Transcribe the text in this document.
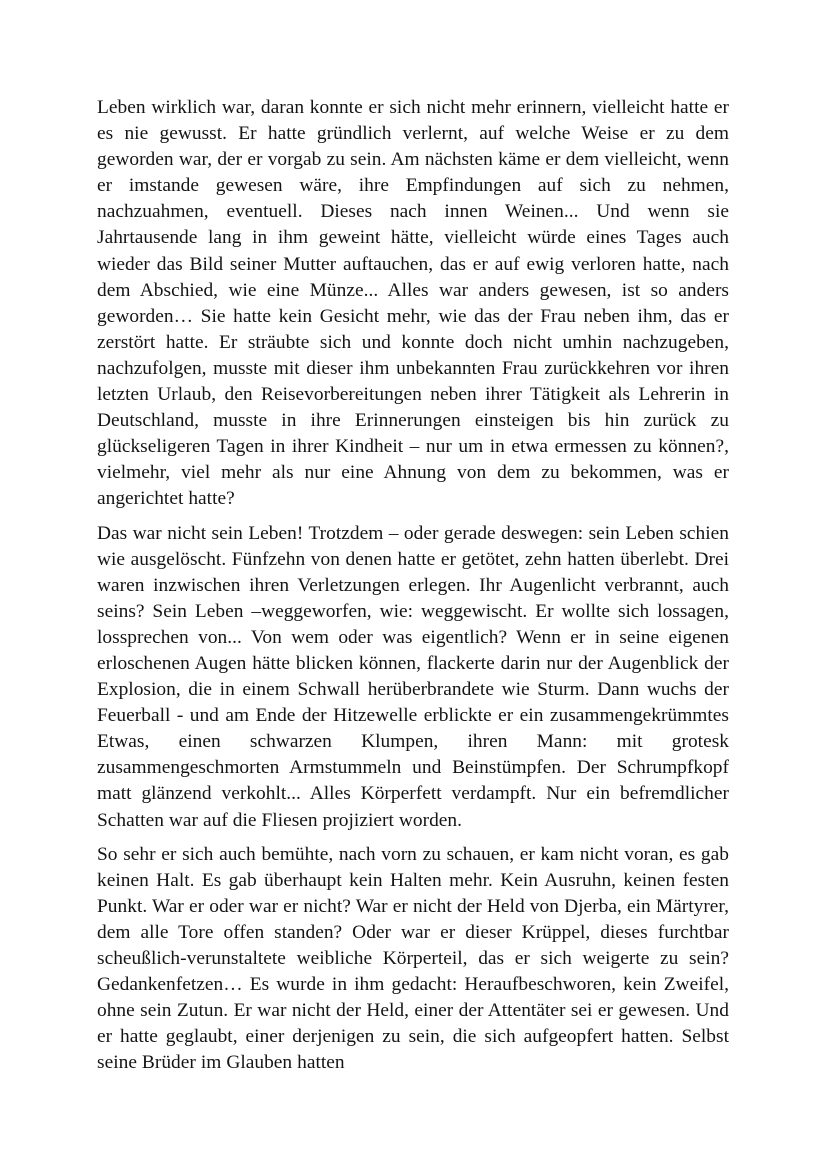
Leben wirklich war, daran konnte er sich nicht mehr erinnern, vielleicht hatte er es nie gewusst. Er hatte gründlich verlernt, auf welche Weise er zu dem geworden war, der er vorgab zu sein. Am nächsten käme er dem vielleicht, wenn er imstande gewesen wäre, ihre Empfindungen auf sich zu nehmen, nachzuahmen, eventuell. Dieses nach innen Weinen... Und wenn sie Jahrtausende lang in ihm geweint hätte, vielleicht würde eines Tages auch wieder das Bild seiner Mutter auftauchen, das er auf ewig verloren hatte, nach dem Abschied, wie eine Münze... Alles war anders gewesen, ist so anders geworden… Sie hatte kein Gesicht mehr, wie das der Frau neben ihm, das er zerstört hatte. Er sträubte sich und konnte doch nicht umhin nachzugeben, nachzufolgen, musste mit dieser ihm unbekannten Frau zurückkehren vor ihren letzten Urlaub, den Reisevorbereitungen neben ihrer Tätigkeit als Lehrerin in Deutschland, musste in ihre Erinnerungen einsteigen bis hin zurück zu glückseligeren Tagen in ihrer Kindheit – nur um in etwa ermessen zu können?, vielmehr, viel mehr als nur eine Ahnung von dem zu bekommen, was er angerichtet hatte?

Das war nicht sein Leben! Trotzdem – oder gerade deswegen: sein Leben schien wie ausgelöscht. Fünfzehn von denen hatte er getötet, zehn hatten überlebt. Drei waren inzwischen ihren Verletzungen erlegen. Ihr Augenlicht verbrannt, auch seins? Sein Leben –weggeworfen, wie: weggewischt. Er wollte sich lossagen, lossprechen von... Von wem oder was eigentlich? Wenn er in seine eigenen erloschenen Augen hätte blicken können, flackerte darin nur der Augenblick der Explosion, die in einem Schwall herüberbrandete wie Sturm. Dann wuchs der Feuerball - und am Ende der Hitzewelle erblickte er ein zusammengekrümmtes Etwas, einen schwarzen Klumpen, ihren Mann: mit grotesk zusammengeschmorten Armstummeln und Beinstümpfen. Der Schrumpfkopf matt glänzend verkohlt... Alles Körperfett verdampft. Nur ein befremdlicher Schatten war auf die Fliesen projiziert worden.

So sehr er sich auch bemühte, nach vorn zu schauen, er kam nicht voran, es gab keinen Halt. Es gab überhaupt kein Halten mehr. Kein Ausruhn, keinen festen Punkt. War er oder war er nicht? War er nicht der Held von Djerba, ein Märtyrer, dem alle Tore offen standen? Oder war er dieser Krüppel, dieses furchtbar scheußlich-verunstaltete weibliche Körperteil, das er sich weigerte zu sein? Gedankenfetzen… Es wurde in ihm gedacht: Heraufbeschworen, kein Zweifel, ohne sein Zutun. Er war nicht der Held, einer der Attentäter sei er gewesen. Und er hatte geglaubt, einer derjenigen zu sein, die sich aufgeopfert hatten. Selbst seine Brüder im Glauben hatten
